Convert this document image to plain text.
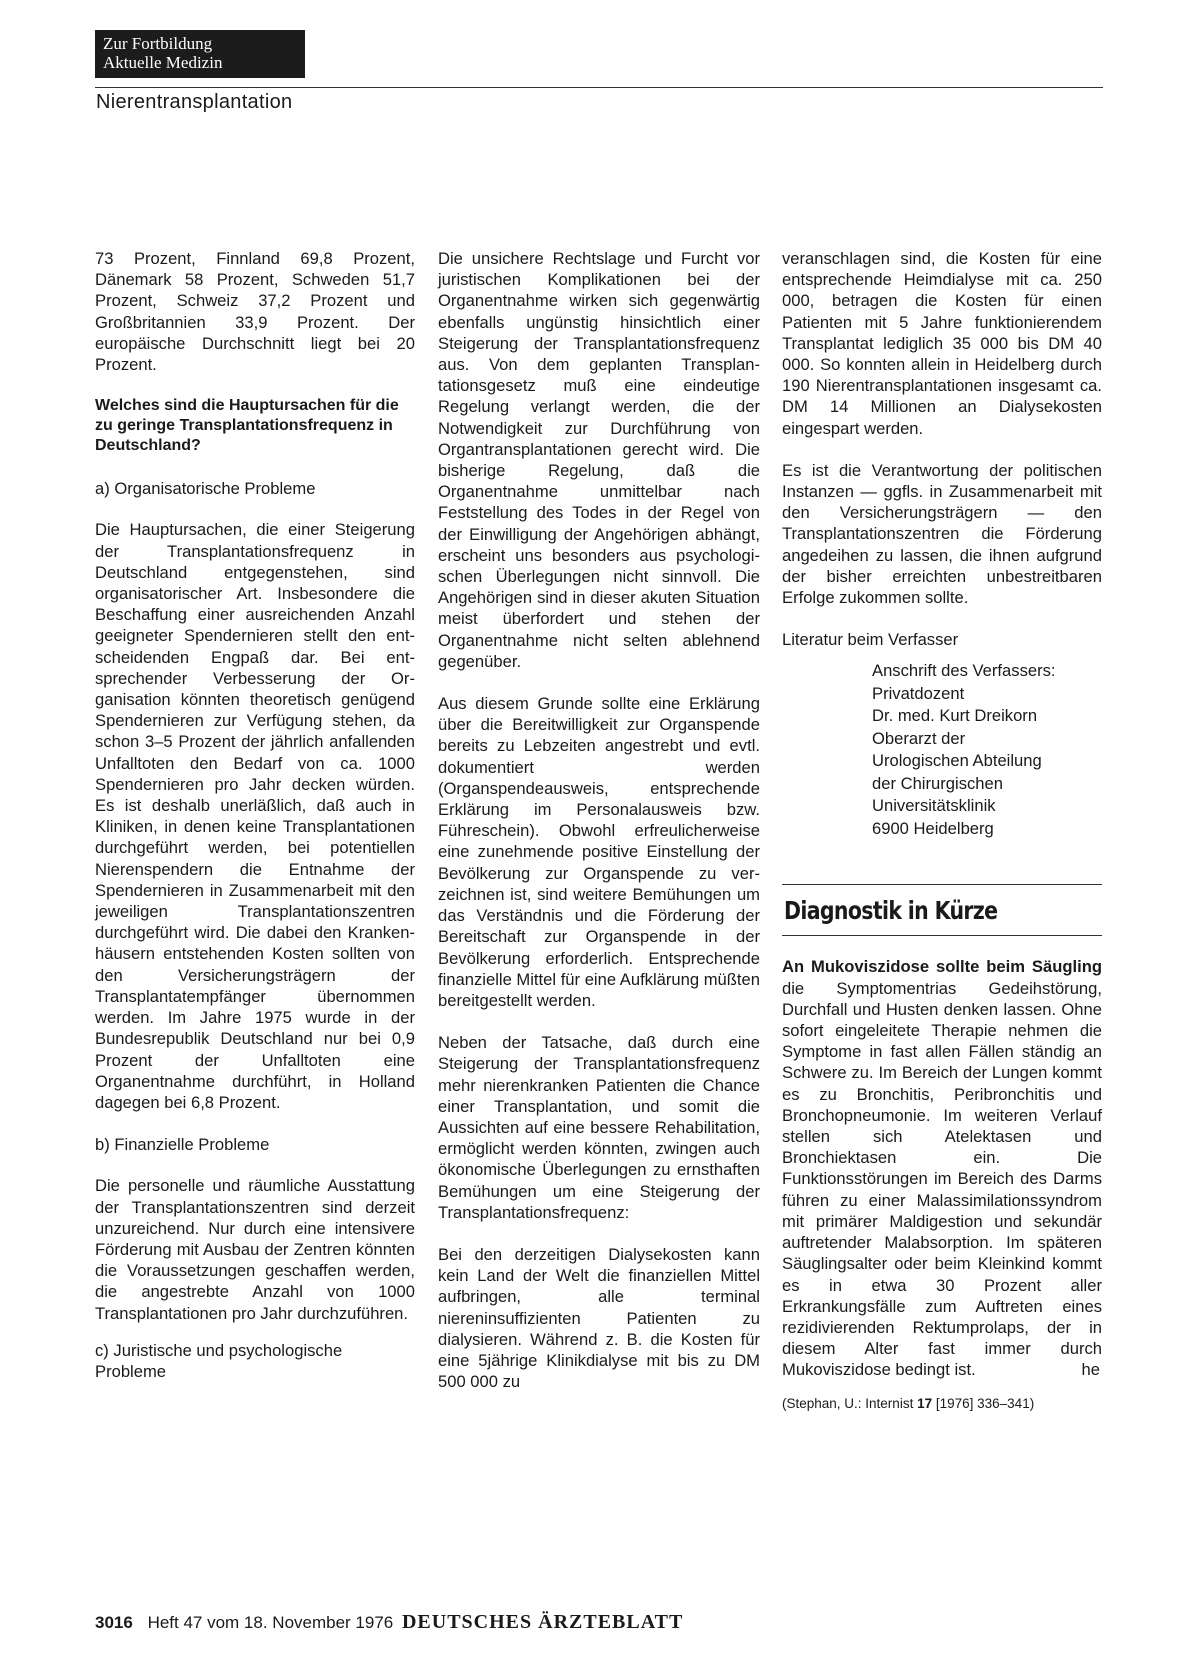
Zur Fortbildung
Aktuelle Medizin
Nierentransplantation

73 Prozent, Finnland 69,8 Prozent, Dänemark 58 Prozent, Schweden 51,7 Prozent, Schweiz 37,2 Prozent und Großbritannien 33,9 Prozent. Der europäische Durchschnitt liegt bei 20 Prozent.

Welches sind die Hauptursachen für die zu geringe Transplantationsfrequenz in Deutschland?

a) Organisatorische Probleme

Die Hauptursachen, die einer Steigerung der Transplantationsfrequenz in Deutschland entgegenstehen, sind organisatorischer Art. Insbesondere die Beschaffung einer ausreichenden Anzahl geeigneter Spendernieren stellt den entscheidenden Engpaß dar. Bei entsprechender Verbesserung der Organisation könnten theoretisch genügend Spendernieren zur Verfügung stehen, da schon 3–5 Prozent der jährlich anfallenden Unfalltoten den Bedarf von ca. 1000 Spendernieren pro Jahr decken würden. Es ist deshalb unerläßlich, daß auch in Kliniken, in denen keine Transplantationen durchgeführt werden, bei potentiellen Nierenspendern die Entnahme der Spendernieren in Zusammenarbeit mit den jeweiligen Transplantationszentren durchgeführt wird. Die dabei den Krankenhäusern entstehenden Kosten sollten von den Versicherungsträgern der Transplantatempfänger übernommen werden. Im Jahre 1975 wurde in der Bundesrepublik Deutschland nur bei 0,9 Prozent der Unfalltoten eine Organentnahme durchführt, in Holland dagegen bei 6,8 Prozent.

b) Finanzielle Probleme

Die personelle und räumliche Ausstattung der Transplantationszentren sind derzeit unzureichend. Nur durch eine intensivere Förderung mit Ausbau der Zentren könnten die Voraussetzungen geschaffen werden, die angestrebte Anzahl von 1000 Transplantationen pro Jahr durchzuführen.

c) Juristische und psychologische Probleme

Die unsichere Rechtslage und Furcht vor juristischen Komplikationen bei der Organentnahme wirken sich gegenwärtig ebenfalls ungünstig hinsichtlich einer Steigerung der Transplantationsfrequenz aus. Von dem geplanten Transplantationsgesetz muß eine eindeutige Regelung verlangt werden, die der Notwendigkeit zur Durchführung von Organtransplantationen gerecht wird. Die bisherige Regelung, daß die Organentnahme unmittelbar nach Feststellung des Todes in der Regel von der Einwilligung der Angehörigen abhängt, erscheint uns besonders aus psychologischen Überlegungen nicht sinnvoll. Die Angehörigen sind in dieser akuten Situation meist überfordert und stehen der Organentnahme nicht selten ablehnend gegenüber.

Aus diesem Grunde sollte eine Erklärung über die Bereitwilligkeit zur Organspende bereits zu Lebzeiten angestrebt und evtl. dokumentiert werden (Organspendeausweis, entsprechende Erklärung im Personalausweis bzw. Führeschein). Obwohl erfreulicherweise eine zunehmende positive Einstellung der Bevölkerung zur Organspende zu verzeichnen ist, sind weitere Bemühungen um das Verständnis und die Förderung der Bereitschaft zur Organspende in der Bevölkerung erforderlich. Entsprechende finanzielle Mittel für eine Aufklärung müßten bereitgestellt werden.

Neben der Tatsache, daß durch eine Steigerung der Transplantationsfrequenz mehr nierenkranken Patienten die Chance einer Transplantation, und somit die Aussichten auf eine bessere Rehabilitation, ermöglicht werden könnten, zwingen auch ökonomische Überlegungen zu ernsthaften Bemühungen um eine Steigerung der Transplantationsfrequenz:

Bei den derzeitigen Dialysekosten kann kein Land der Welt die finanziellen Mittel aufbringen, alle terminal niereninsuffizienten Patienten zu dialysieren. Während z. B. die Kosten für eine 5jährige Klinikdialyse mit bis zu DM 500 000 zu

veranschlagen sind, die Kosten für eine entsprechende Heimdialyse mit ca. 250 000, betragen die Kosten für einen Patienten mit 5 Jahre funktionierendem Transplantat lediglich 35 000 bis DM 40 000. So konnten allein in Heidelberg durch 190 Nierentransplantationen insgesamt ca. DM 14 Millionen an Dialysekosten eingespart werden.

Es ist die Verantwortung der politischen Instanzen — ggfls. in Zusammenarbeit mit den Versicherungsträgern — den Transplantationszentren die Förderung angedeihen zu lassen, die ihnen aufgrund der bisher erreichten unbestreitbaren Erfolge zukommen sollte.

Literatur beim Verfasser

Anschrift des Verfassers:
Privatdozent
Dr. med. Kurt Dreikorn
Oberarzt der
Urologischen Abteilung
der Chirurgischen
Universitätsklinik
6900 Heidelberg
Diagnostik in Kürze

An Mukoviszidose sollte beim Säugling die Symptomentrias Gedeihstörung, Durchfall und Husten denken lassen. Ohne sofort eingeleitete Therapie nehmen die Symptome in fast allen Fällen ständig an Schwere zu. Im Bereich der Lungen kommt es zu Bronchitis, Peribronchitis und Bronchopneumonie. Im weiteren Verlauf stellen sich Atelektasen und Bronchiektasen ein. Die Funktionsstörungen im Bereich des Darms führen zu einer Malassimilationssyndrom mit primärer Maldigestion und sekundär auftretender Malabsorption. Im späteren Säuglingsalter oder beim Kleinkind kommt es in etwa 30 Prozent aller Erkrankungsfälle zum Auftreten eines rezidivierenden Rektumprolaps, der in diesem Alter fast immer durch Mukoviszidose bedingt ist.	he

(Stephan, U.: Internist 17 [1976] 336–341)
3016 Heft 47 vom 18. November 1976 DEUTSCHES ÄRZTEBLATT
